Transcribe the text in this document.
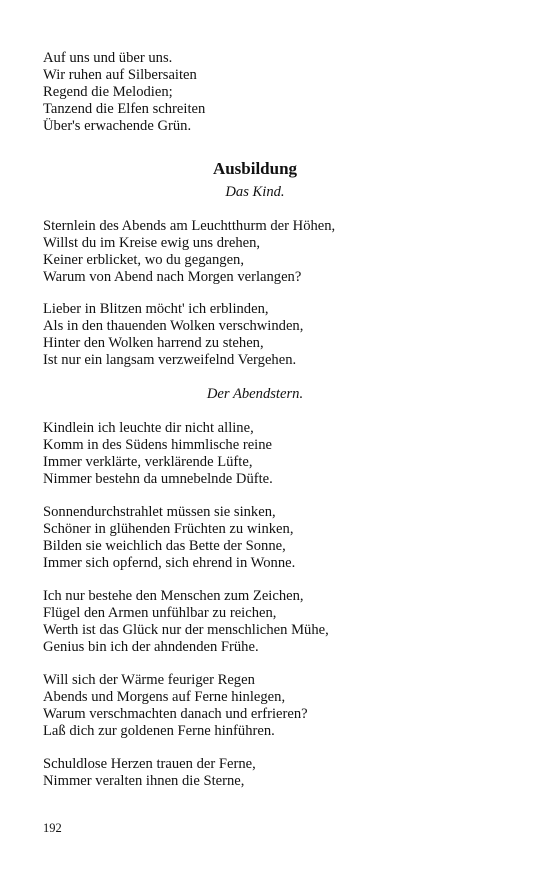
Auf uns und über uns.
Wir ruhen auf Silbersaiten
Regend die Melodien;
Tanzend die Elfen schreiten
Über's erwachende Grün.
Ausbildung
Das Kind.
Sternlein des Abends am Leuchtthurm der Höhen,
Willst du im Kreise ewig uns drehen,
Keiner erblicket, wo du gegangen,
Warum von Abend nach Morgen verlangen?
Lieber in Blitzen möcht' ich erblinden,
Als in den thauenden Wolken verschwinden,
Hinter den Wolken harrend zu stehen,
Ist nur ein langsam verzweifelnd Vergehen.
Der Abendstern.
Kindlein ich leuchte dir nicht alline,
Komm in des Südens himmlische reine
Immer verklärte, verklärende Lüfte,
Nimmer bestehn da umnebelnde Düfte.
Sonnendurchstrahlet müssen sie sinken,
Schöner in glühenden Früchten zu winken,
Bilden sie weichlich das Bette der Sonne,
Immer sich opfernd, sich ehrend in Wonne.
Ich nur bestehe den Menschen zum Zeichen,
Flügel den Armen unfühlbar zu reichen,
Werth ist das Glück nur der menschlichen Mühe,
Genius bin ich der ahndenden Frühe.
Will sich der Wärme feuriger Regen
Abends und Morgens auf Ferne hinlegen,
Warum verschmachten danach und erfrieren?
Laß dich zur goldenen Ferne hinführen.
Schuldlose Herzen trauen der Ferne,
Nimmer veralten ihnen die Sterne,
192
